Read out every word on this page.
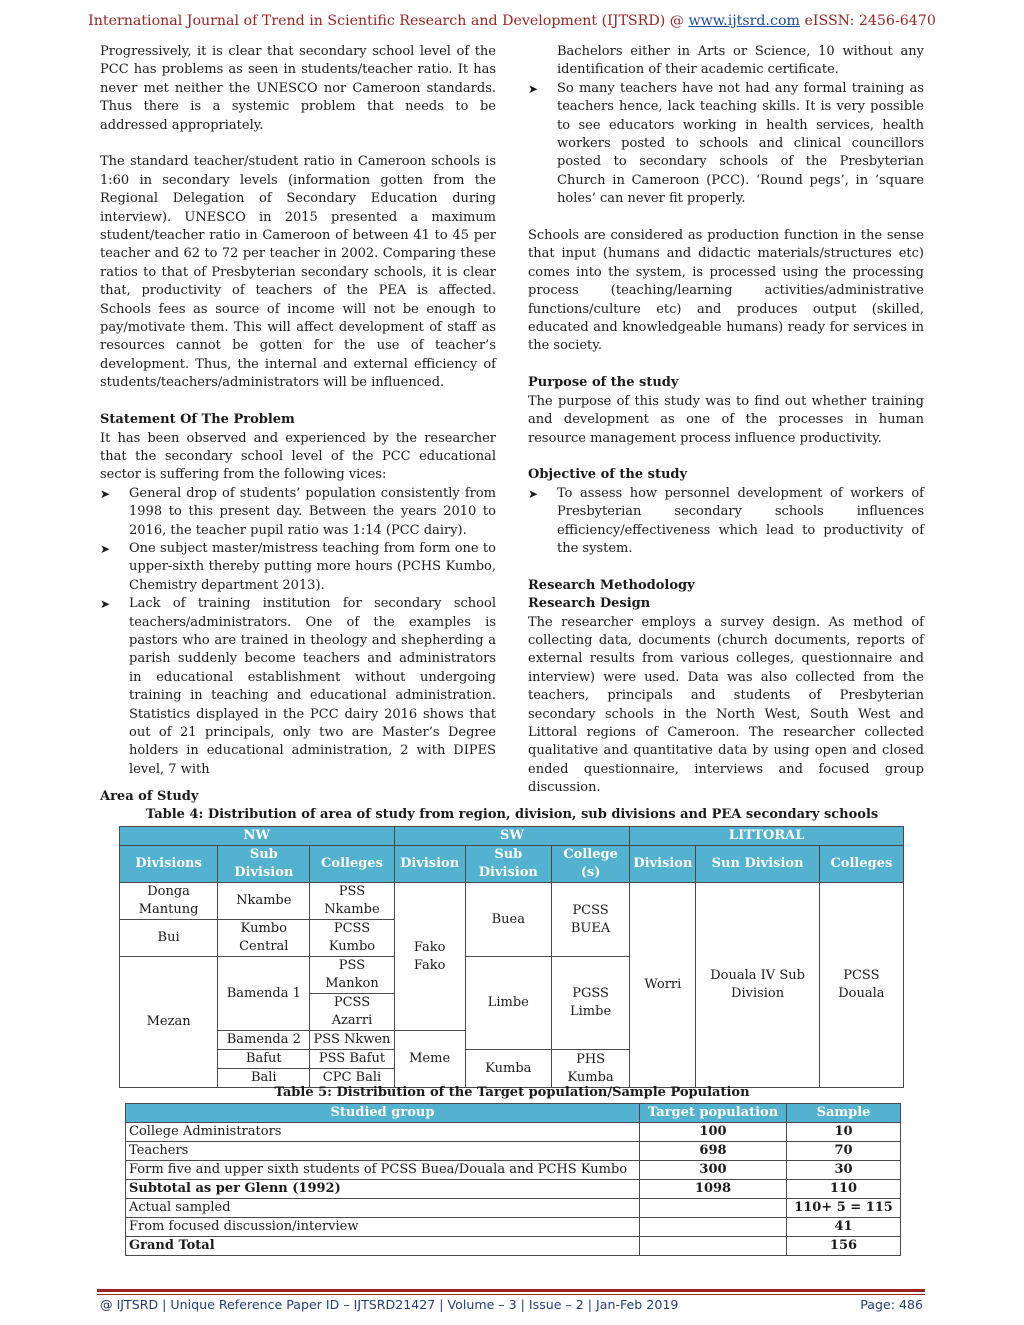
International Journal of Trend in Scientific Research and Development (IJTSRD) @ www.ijtsrd.com eISSN: 2456-6470

Progressively, it is clear that secondary school level of the PCC has problems as seen in students/teacher ratio. It has never met neither the UNESCO nor Cameroon standards. Thus there is a systemic problem that needs to be addressed appropriately.

The standard teacher/student ratio in Cameroon schools is 1:60 in secondary levels (information gotten from the Regional Delegation of Secondary Education during interview). UNESCO in 2015 presented a maximum student/teacher ratio in Cameroon of between 41 to 45 per teacher and 62 to 72 per teacher in 2002. Comparing these ratios to that of Presbyterian secondary schools, it is clear that, productivity of teachers of the PEA is affected. Schools fees as source of income will not be enough to pay/motivate them. This will affect development of staff as resources cannot be gotten for the use of teacher’s development. Thus, the internal and external efficiency of students/teachers/administrators will be influenced.

Statement Of The Problem

It has been observed and experienced by the researcher that the secondary school level of the PCC educational sector is suffering from the following vices:

➤ General drop of students’ population consistently from 1998 to this present day. Between the years 2010 to 2016, the teacher pupil ratio was 1:14 (PCC dairy).
➤ One subject master/mistress teaching from form one to upper-sixth thereby putting more hours (PCHS Kumbo, Chemistry department 2013).
➤ Lack of training institution for secondary school teachers/administrators. One of the examples is pastors who are trained in theology and shepherding a parish suddenly become teachers and administrators in educational establishment without undergoing training in teaching and educational administration. Statistics displayed in the PCC dairy 2016 shows that out of 21 principals, only two are Master’s Degree holders in educational administration, 2 with DIPES level, 7 with
Bachelors either in Arts or Science, 10 without any identification of their academic certificate.
➤ So many teachers have not had any formal training as teachers hence, lack teaching skills. It is very possible to see educators working in health services, health workers posted to schools and clinical councillors posted to secondary schools of the Presbyterian Church in Cameroon (PCC). ‘Round pegs’, in ‘square holes’ can never fit properly.

Schools are considered as production function in the sense that input (humans and didactic materials/structures etc) comes into the system, is processed using the processing process (teaching/learning activities/administrative functions/culture etc) and produces output (skilled, educated and knowledgeable humans) ready for services in the society.

Purpose of the study

The purpose of this study was to find out whether training and development as one of the processes in human resource management process influence productivity.

Objective of the study

➤ To assess how personnel development of workers of Presbyterian secondary schools influences efficiency/effectiveness which lead to productivity of the system.

Research Methodology

Research Design

The researcher employs a survey design. As method of collecting data, documents (church documents, reports of external results from various colleges, questionnaire and interview) were used. Data was also collected from the teachers, principals and students of Presbyterian secondary schools in the North West, South West and Littoral regions of Cameroon. The researcher collected qualitative and quantitative data by using open and closed ended questionnaire, interviews and focused group discussion.

Area of Study
Table 4: Distribution of area of study from region, division, sub divisions and PEA secondary schools
NW			SW			LITTORAL		
Divisions	Sub Division	Colleges	Division	Sub Division	College (s)	Division	Sun Division	Colleges
Donga Mantung	Nkambe	PSS Nkambe	Fako Fako	Buea	PCSS BUEA	Worri	Douala IV Sub Division	PCSS Douala
Bui	Kumbo Central	PCSS Kumbo						
Mezan	Bamenda 1	PSS Mankon						
				Limbe	PGSS Limbe			
		PCSS Azarri						
	Bamenda 2	PSS Nkwen	Meme					
	Bafut	PSS Bafut		Kumba	PHS Kumba			
	Bali	CPC Bali						
Table 5: Distribution of the Target population/Sample Population
Studied group	Target population	Sample
College Administrators	100	10
Teachers	698	70
Form five and upper sixth students of PCSS Buea/Douala and PCHS Kumbo	300	30
Subtotal as per Glenn (1992)	1098	110
Actual sampled		110+ 5 = 115
From focused discussion/interview		41
Grand Total		156
@ IJTSRD | Unique Reference Paper ID – IJTSRD21427 | Volume – 3 | Issue – 2 | Jan-Feb 2019	Page: 486
